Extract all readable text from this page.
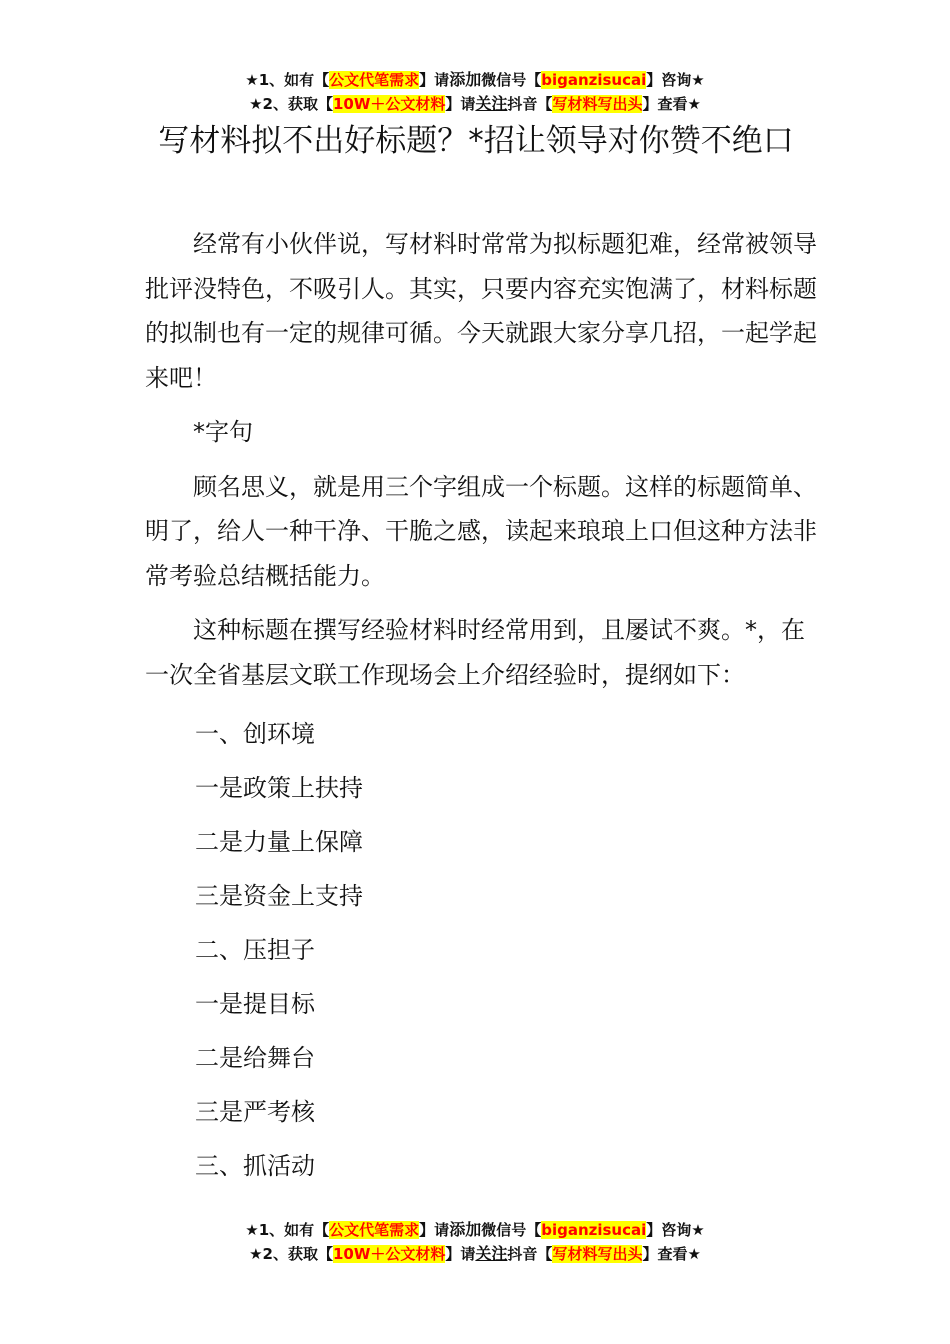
★1、如有【公文代笔需求】请添加微信号【biganzisucai】咨询★
★2、获取【10W＋公文材料】请关注抖音【写材料写出头】查看★
写材料拟不出好标题？*招让领导对你赞不绝口

经常有小伙伴说，写材料时常常为拟标题犯难，经常被领导批评没特色，不吸引人。其实，只要内容充实饱满了，材料标题的拟制也有一定的规律可循。今天就跟大家分享几招，一起学起来吧！

*字句

顾名思义，就是用三个字组成一个标题。这样的标题简单、明了，给人一种干净、干脆之感，读起来琅琅上口但这种方法非常考验总结概括能力。

这种标题在撰写经验材料时经常用到，且屡试不爽。*，在一次全省基层文联工作现场会上介绍经验时，提纲如下：

一、创环境

一是政策上扶持

二是力量上保障

三是资金上支持

二、压担子

一是提目标

二是给舞台

三是严考核

三、抓活动

★1、如有【公文代笔需求】请添加微信号【biganzisucai】咨询★
★2、获取【10W＋公文材料】请关注抖音【写材料写出头】查看★
